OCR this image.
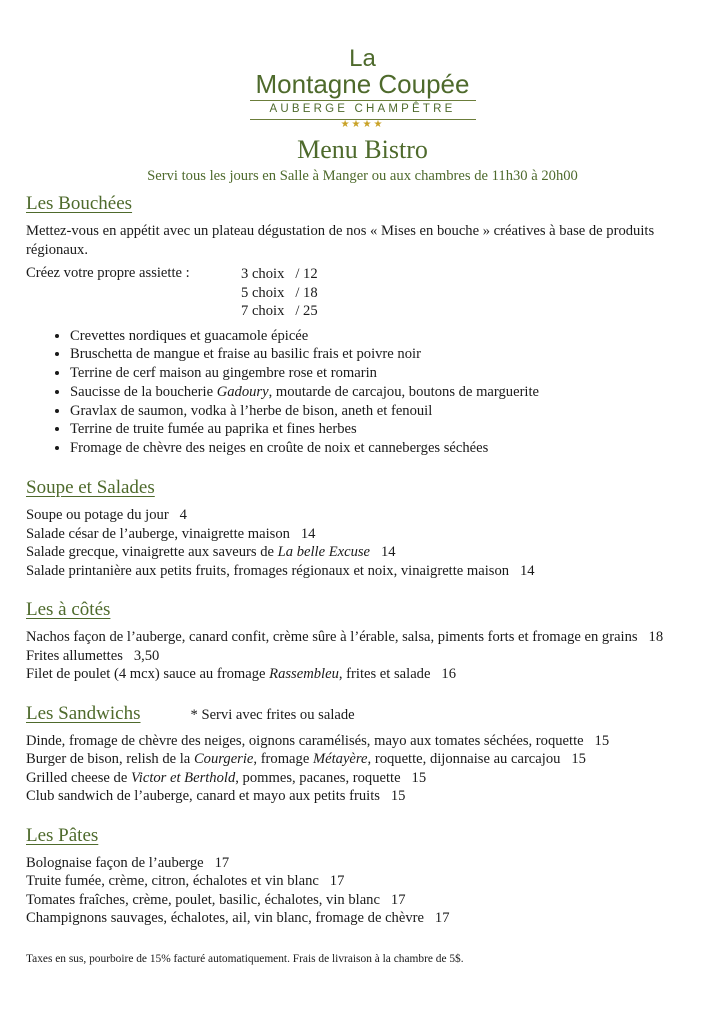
La
Montagne Coupée
AUBERGE CHAMPÊTRE
★★★★
Menu Bistro
Servi tous les jours en Salle à Manger ou aux chambres de 11h30 à 20h00
Les Bouchées

Mettez-vous en appétit avec un plateau dégustation de nos « Mises en bouche » créatives à base de produits régionaux.

Créez votre propre assiette :	3 choix   / 12
5 choix   / 18
7 choix   / 25
• Crevettes nordiques et guacamole épicée
• Bruschetta de mangue et fraise au basilic frais et poivre noir
• Terrine de cerf maison au gingembre rose et romarin
• Saucisse de la boucherie Gadoury, moutarde de carcajou, boutons de marguerite
• Gravlax de saumon, vodka à l’herbe de bison, aneth et fenouil
• Terrine de truite fumée au paprika et fines herbes
• Fromage de chèvre des neiges en croûte de noix et canneberges séchées
Soupe et Salades
Soupe ou potage du jour   4
Salade césar de l’auberge, vinaigrette maison   14
Salade grecque, vinaigrette aux saveurs de La belle Excuse   14
Salade printanière aux petits fruits, fromages régionaux et noix, vinaigrette maison   14
Les à côtés
Nachos façon de l’auberge, canard confit, crème sûre à l’érable, salsa, piments forts et fromage en grains   18
Frites allumettes   3,50
Filet de poulet (4 mcx) sauce au fromage Rassembleu, frites et salade   16
Les Sandwichs	* Servi avec frites ou salade
Dinde, fromage de chèvre des neiges, oignons caramélisés, mayo aux tomates séchées, roquette   15
Burger de bison, relish de la Courgerie, fromage Métayère, roquette, dijonnaise au carcajou   15
Grilled cheese de Victor et Berthold, pommes, pacanes, roquette   15
Club sandwich de l’auberge, canard et mayo aux petits fruits   15
Les Pâtes
Bolognaise façon de l’auberge   17
Truite fumée, crème, citron, échalotes et vin blanc   17
Tomates fraîches, crème, poulet, basilic, échalotes, vin blanc   17
Champignons sauvages, échalotes, ail, vin blanc, fromage de chèvre   17
Taxes en sus, pourboire de 15% facturé automatiquement. Frais de livraison à la chambre de 5$.
